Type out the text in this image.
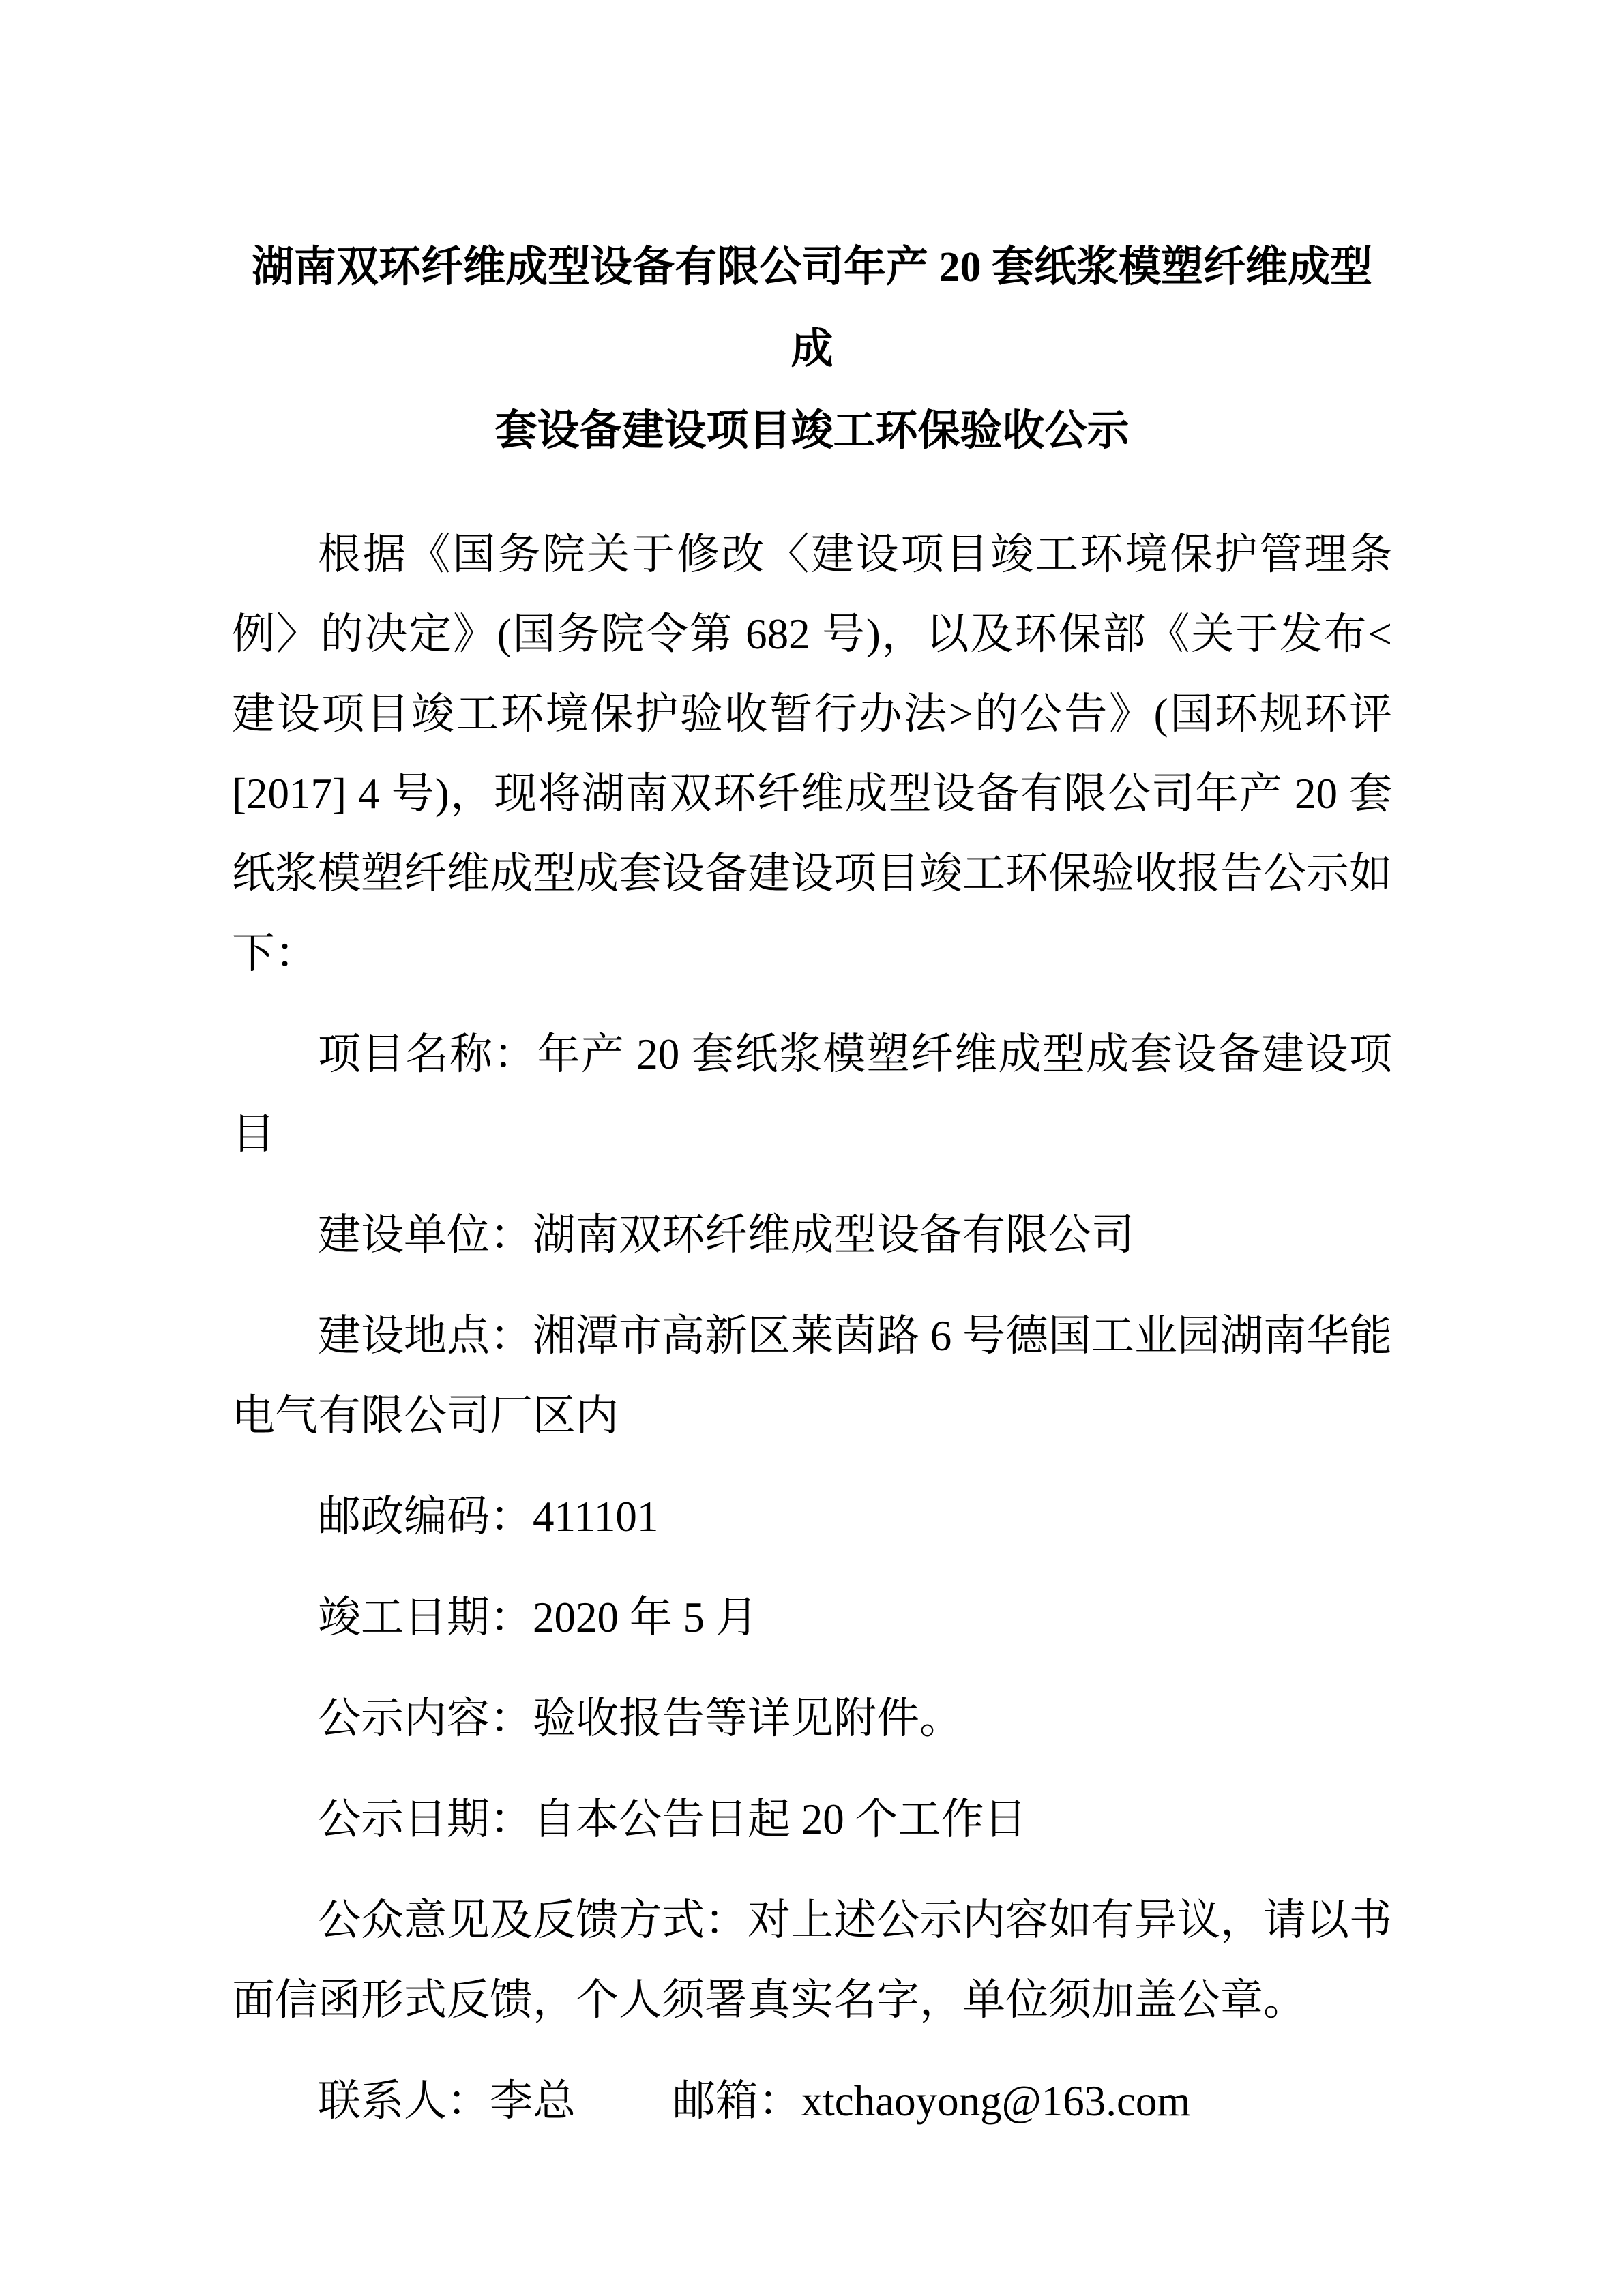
湖南双环纤维成型设备有限公司年产 20 套纸浆模塑纤维成型成
套设备建设项目竣工环保验收公示

根据《国务院关于修改〈建设项目竣工环境保护管理条例〉的决定》(国务院令第 682 号)，以及环保部《关于发布<建设项目竣工环境保护验收暂行办法>的公告》(国环规环评[2017] 4 号)，现将湖南双环纤维成型设备有限公司年产 20 套纸浆模塑纤维成型成套设备建设项目竣工环保验收报告公示如下：

项目名称：年产 20 套纸浆模塑纤维成型成套设备建设项目

建设单位：湖南双环纤维成型设备有限公司

建设地点：湘潭市高新区莱茵路 6 号德国工业园湖南华能电气有限公司厂区内

邮政编码：411101

竣工日期：2020 年 5 月

公示内容：验收报告等详见附件。

公示日期：自本公告日起 20 个工作日

公众意见及反馈方式：对上述公示内容如有异议，请以书面信函形式反馈，个人须署真实名字，单位须加盖公章。

联系人：李总 邮箱：xtchaoyong@163.com
